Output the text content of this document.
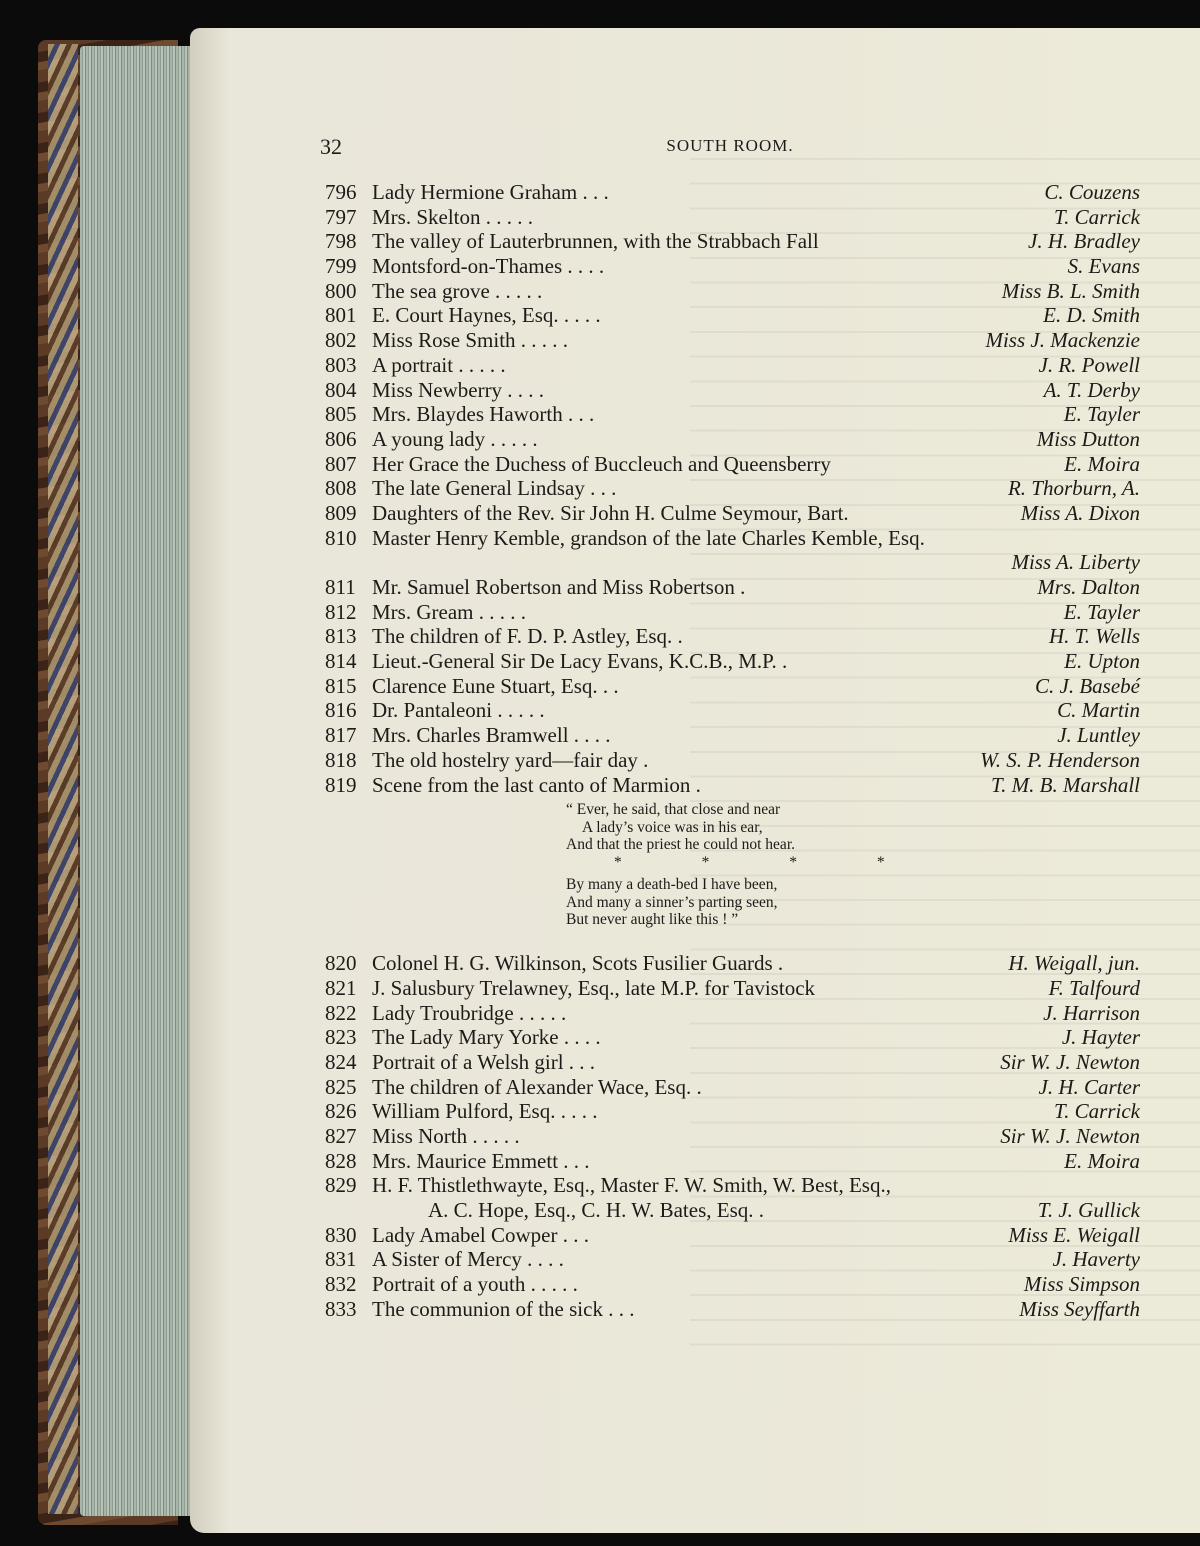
32	SOUTH ROOM.
796 Lady Hermione Graham . . .	C. Couzens
797 Mrs. Skelton . . . . .	T. Carrick
798 The valley of Lauterbrunnen, with the Strabbach Fall	J. H. Bradley
799 Montsford-on-Thames . . . .	S. Evans
800 The sea grove . . . . .	Miss B. L. Smith
801 E. Court Haynes, Esq. . . . .	E. D. Smith
802 Miss Rose Smith . . . . .	Miss J. Mackenzie
803 A portrait . . . . .	J. R. Powell
804 Miss Newberry . . . .	A. T. Derby
805 Mrs. Blaydes Haworth . . .	E. Tayler
806 A young lady . . . . .	Miss Dutton
807 Her Grace the Duchess of Buccleuch and Queensberry	E. Moira
808 The late General Lindsay . . .	R. Thorburn, A.
809 Daughters of the Rev. Sir John H. Culme Seymour, Bart.	Miss A. Dixon
810 Master Henry Kemble, grandson of the late Charles Kemble, Esq.
Miss A. Liberty
811 Mr. Samuel Robertson and Miss Robertson .	Mrs. Dalton
812 Mrs. Gream . . . . .	E. Tayler
813 The children of F. D. P. Astley, Esq. .	H. T. Wells
814 Lieut.-General Sir De Lacy Evans, K.C.B., M.P. .	E. Upton
815 Clarence Eune Stuart, Esq. . .	C. J. Basebé
816 Dr. Pantaleoni . . . . .	C. Martin
817 Mrs. Charles Bramwell . . . .	J. Luntley
818 The old hostelry yard—fair day .	W. S. P. Henderson
819 Scene from the last canto of Marmion .	T. M. B. Marshall
“ Ever, he said, that close and near
A lady’s voice was in his ear,
And that the priest he could not hear.
* * * *
By many a death-bed I have been,
And many a sinner’s parting seen,
But never aught like this ! ”
820 Colonel H. G. Wilkinson, Scots Fusilier Guards .	H. Weigall, jun.
821 J. Salusbury Trelawney, Esq., late M.P. for Tavistock	F. Talfourd
822 Lady Troubridge . . . . .	J. Harrison
823 The Lady Mary Yorke . . . .	J. Hayter
824 Portrait of a Welsh girl . . .	Sir W. J. Newton
825 The children of Alexander Wace, Esq. .	J. H. Carter
826 William Pulford, Esq. . . . .	T. Carrick
827 Miss North . . . . .	Sir W. J. Newton
828 Mrs. Maurice Emmett . . .	E. Moira
829 H. F. Thistlethwayte, Esq., Master F. W. Smith, W. Best, Esq.,
A. C. Hope, Esq., C. H. W. Bates, Esq. .	T. J. Gullick
830 Lady Amabel Cowper . . .	Miss E. Weigall
831 A Sister of Mercy . . . .	J. Haverty
832 Portrait of a youth . . . . .	Miss Simpson
833 The communion of the sick . . .	Miss Seyffarth
